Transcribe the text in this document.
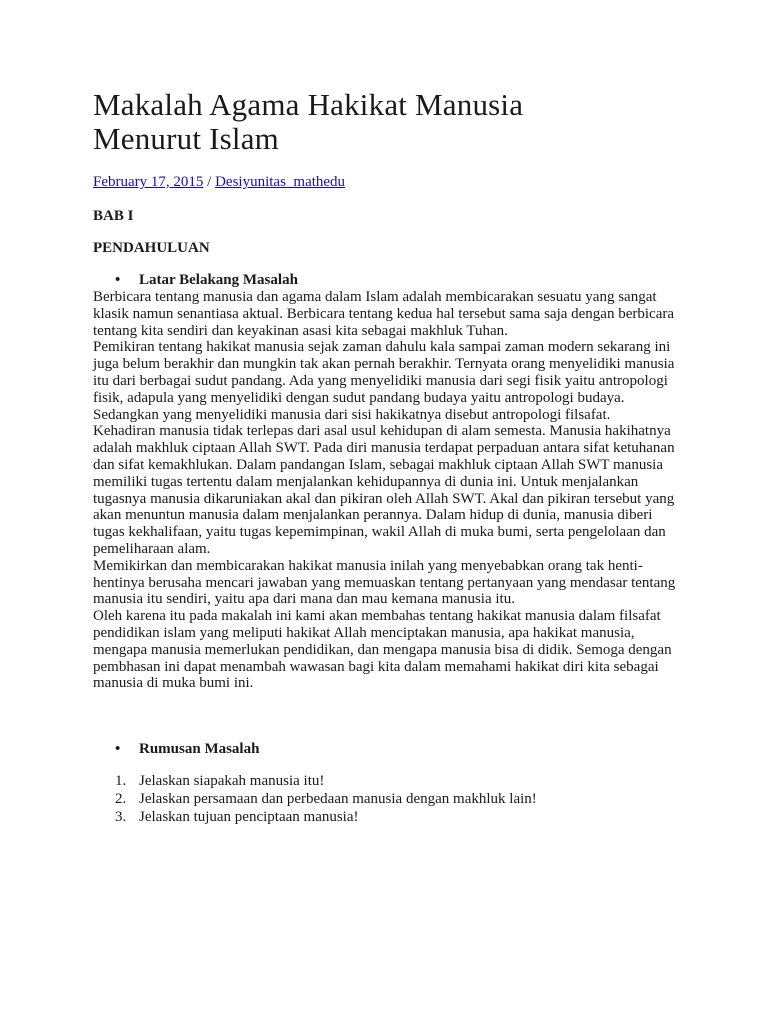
Makalah Agama Hakikat Manusia
Menurut Islam
February 17, 2015 / Desiyunitas_mathedu

BAB I

PENDAHULUAN

• Latar Belakang Masalah

Berbicara tentang manusia dan agama dalam Islam adalah membicarakan sesuatu yang sangat klasik namun senantiasa aktual. Berbicara tentang kedua hal tersebut sama saja dengan berbicara tentang kita sendiri dan keyakinan asasi kita sebagai makhluk Tuhan.

Pemikiran tentang hakikat manusia sejak zaman dahulu kala sampai zaman modern sekarang ini juga belum berakhir dan mungkin tak akan pernah berakhir. Ternyata orang menyelidiki manusia itu dari berbagai sudut pandang. Ada yang menyelidiki manusia dari segi fisik yaitu antropologi fisik, adapula yang menyelidiki dengan sudut pandang budaya yaitu antropologi budaya. Sedangkan yang menyelidiki manusia dari sisi hakikatnya disebut antropologi filsafat.

Kehadiran manusia tidak terlepas dari asal usul kehidupan di alam semesta. Manusia hakihatnya adalah makhluk ciptaan Allah SWT. Pada diri manusia terdapat perpaduan antara sifat ketuhanan dan sifat kemakhlukan. Dalam pandangan Islam, sebagai makhluk ciptaan Allah SWT manusia memiliki tugas tertentu dalam menjalankan kehidupannya di dunia ini. Untuk menjalankan tugasnya manusia dikaruniakan akal dan pikiran oleh Allah SWT. Akal dan pikiran tersebut yang akan menuntun manusia dalam menjalankan perannya. Dalam hidup di dunia, manusia diberi tugas kekhalifaan, yaitu tugas kepemimpinan, wakil Allah di muka bumi, serta pengelolaan dan pemeliharaan alam.

Memikirkan dan membicarakan hakikat manusia inilah yang menyebabkan orang tak henti-hentinya berusaha mencari jawaban yang memuaskan tentang pertanyaan yang mendasar tentang manusia itu sendiri, yaitu apa dari mana dan mau kemana manusia itu.

Oleh karena itu pada makalah ini kami akan membahas tentang hakikat manusia dalam filsafat pendidikan islam yang meliputi hakikat Allah menciptakan manusia, apa hakikat manusia, mengapa manusia memerlukan pendidikan, dan mengapa manusia bisa di didik. Semoga dengan pembhasan ini dapat menambah wawasan bagi kita dalam memahami hakikat diri kita sebagai manusia di muka bumi ini.

• Rumusan Masalah
1. Jelaskan siapakah manusia itu!
2. Jelaskan persamaan dan perbedaan manusia dengan makhluk lain!
3. Jelaskan tujuan penciptaan manusia!
